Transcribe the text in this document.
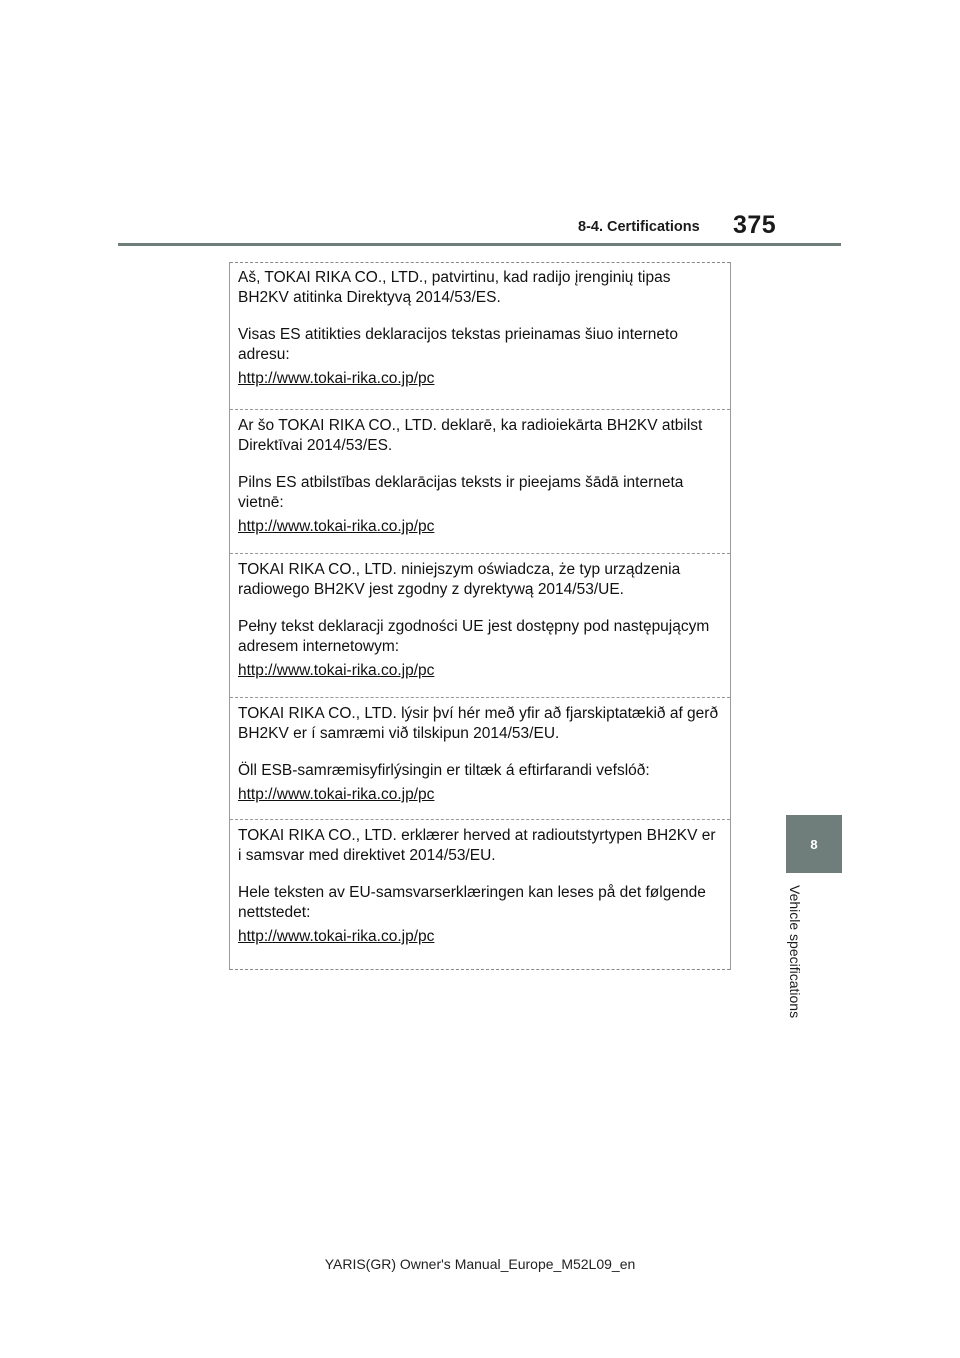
8-4. Certifications 375
8
Vehicle specifications

Aš, TOKAI RIKA CO., LTD., patvirtinu, kad radijo įrenginių tipas BH2KV atitinka Direktyvą 2014/53/ES.

Visas ES atitikties deklaracijos tekstas prieinamas šiuo interneto adresu:

http://www.tokai-rika.co.jp/pc

Ar šo TOKAI RIKA CO., LTD. deklarē, ka radioiekārta BH2KV atbilst Direktīvai 2014/53/ES.

Pilns ES atbilstības deklarācijas teksts ir pieejams šādā interneta vietnē:

http://www.tokai-rika.co.jp/pc

TOKAI RIKA CO., LTD. niniejszym oświadcza, że typ urządzenia radiowego BH2KV jest zgodny z dyrektywą 2014/53/UE.

Pełny tekst deklaracji zgodności UE jest dostępny pod następującym adresem internetowym:

http://www.tokai-rika.co.jp/pc

TOKAI RIKA CO., LTD. lýsir því hér með yfir að fjarskiptatækið af gerð BH2KV er í samræmi við tilskipun 2014/53/EU.

Öll ESB-samræmisyfirlýsingin er tiltæk á eftirfarandi vefslóð:

http://www.tokai-rika.co.jp/pc

TOKAI RIKA CO., LTD. erklærer herved at radioutstyrtypen BH2KV er i samsvar med direktivet 2014/53/EU.

Hele teksten av EU-samsvarserklæringen kan leses på det følgende nettstedet:

http://www.tokai-rika.co.jp/pc

YARIS(GR) Owner's Manual_Europe_M52L09_en
